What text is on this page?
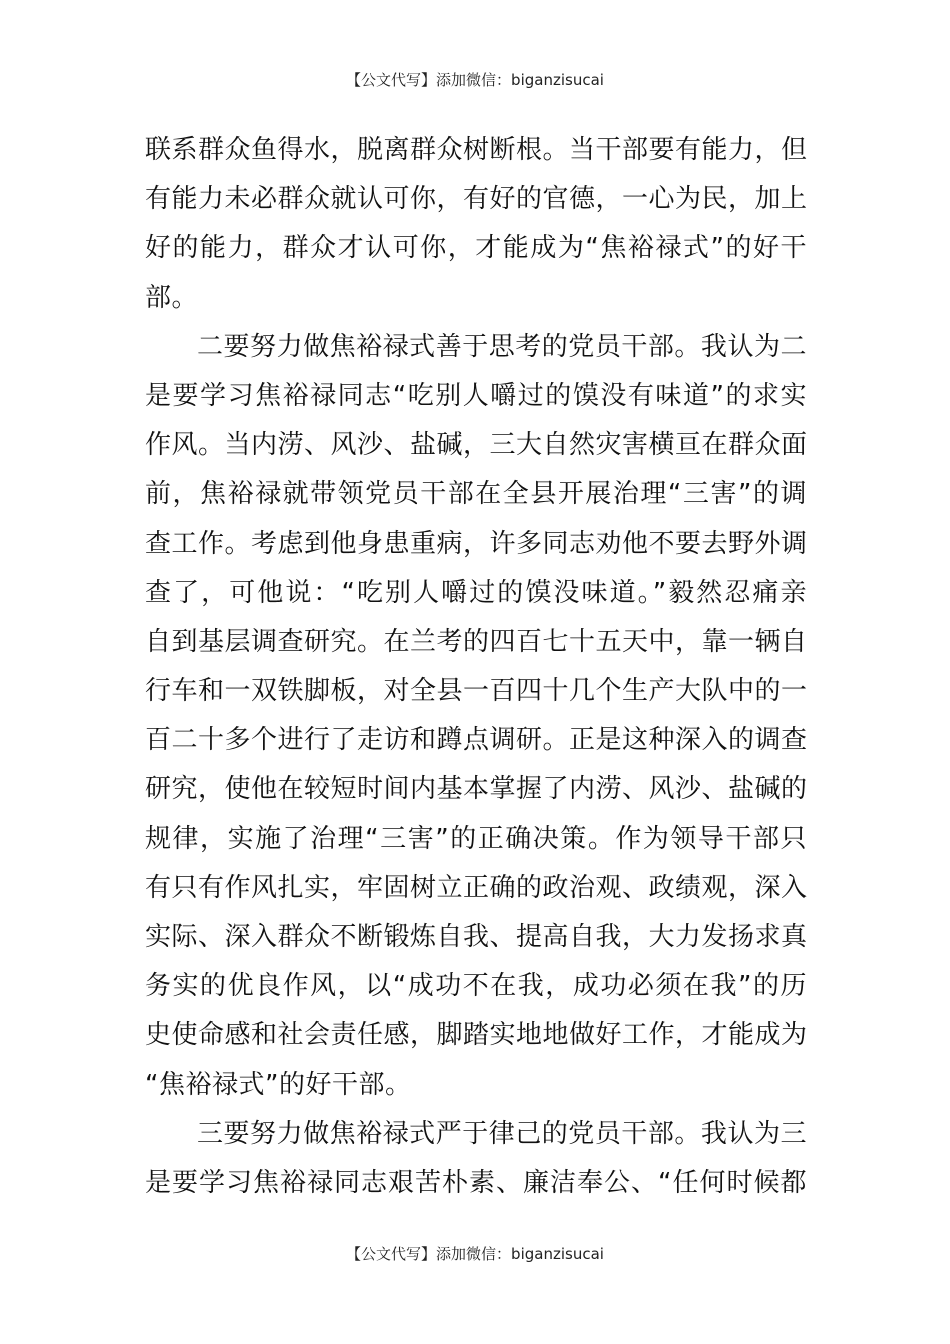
【公文代写】添加微信：biganzisucai
联系群众鱼得水，脱离群众树断根。当干部要有能力，但
有能力未必群众就认可你，有好的官德，一心为民，加上
好的能力，群众才认可你，才能成为“焦裕禄式”的好干
部。
二要努力做焦裕禄式善于思考的党员干部。我认为二
是要学习焦裕禄同志“吃别人嚼过的馍没有味道”的求实
作风。当内涝、风沙、盐碱，三大自然灾害横亘在群众面
前，焦裕禄就带领党员干部在全县开展治理“三害”的调
查工作。考虑到他身患重病，许多同志劝他不要去野外调
查了，可他说：“吃别人嚼过的馍没味道。”毅然忍痛亲
自到基层调查研究。在兰考的四百七十五天中，靠一辆自
行车和一双铁脚板，对全县一百四十几个生产大队中的一
百二十多个进行了走访和蹲点调研。正是这种深入的调查
研究，使他在较短时间内基本掌握了内涝、风沙、盐碱的
规律，实施了治理“三害”的正确决策。作为领导干部只
有只有作风扎实，牢固树立正确的政治观、政绩观，深入
实际、深入群众不断锻炼自我、提高自我，大力发扬求真
务实的优良作风，以“成功不在我，成功必须在我”的历
史使命感和社会责任感，脚踏实地地做好工作，才能成为
“焦裕禄式”的好干部。
三要努力做焦裕禄式严于律己的党员干部。我认为三
是要学习焦裕禄同志艰苦朴素、廉洁奉公、“任何时候都
【公文代写】添加微信：biganzisucai
